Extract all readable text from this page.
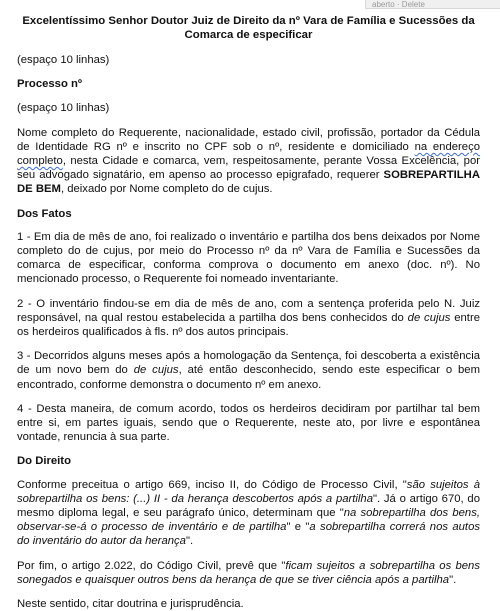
aberto · Delete
Excelentíssimo Senhor Doutor Juiz de Direito da nº Vara de Família e Sucessões da Comarca de especificar

(espaço 10 linhas)

Processo nº

(espaço 10 linhas)

Nome completo do Requerente, nacionalidade, estado civil, profissão, portador da Cédula de Identidade RG nº e inscrito no CPF sob o nº, residente e domiciliado na endereço completo, nesta Cidade e comarca, vem, respeitosamente, perante Vossa Excelência, por seu advogado signatário, em apenso ao processo epigrafado, requerer SOBREPARTILHA DE BEM, deixado por Nome completo do de cujus.

Dos Fatos

1 - Em dia de mês de ano, foi realizado o inventário e partilha dos bens deixados por Nome completo do de cujus, por meio do Processo nº da nº Vara de Família e Sucessões da comarca de especificar, conforma comprova o documento em anexo (doc. nº). No mencionado processo, o Requerente foi nomeado inventariante.

2 - O inventário findou-se em dia de mês de ano, com a sentença proferida pelo N. Juiz responsável, na qual restou estabelecida a partilha dos bens conhecidos do de cujus entre os herdeiros qualificados à fls. nº dos autos principais.

3 - Decorridos alguns meses após a homologação da Sentença, foi descoberta a existência de um novo bem do de cujus, até então desconhecido, sendo este especificar o bem encontrado, conforme demonstra o documento nº em anexo.

4 - Desta maneira, de comum acordo, todos os herdeiros decidiram por partilhar tal bem entre si, em partes iguais, sendo que o Requerente, neste ato, por livre e espontânea vontade, renuncia à sua parte.

Do Direito

Conforme preceitua o artigo 669, inciso II, do Código de Processo Civil, "são sujeitos à sobrepartilha os bens: (...) II - da herança descobertos após a partilha". Já o artigo 670, do mesmo diploma legal, e seu parágrafo único, determinam que "na sobrepartilha dos bens, observar-se-á o processo de inventário e de partilha" e "a sobrepartilha correrá nos autos do inventário do autor da herança".

Por fim, o artigo 2.022, do Código Civil, prevê que "ficam sujeitos a sobrepartilha os bens sonegados e quaisquer outros bens da herança de que se tiver ciência após a partilha".

Neste sentido, citar doutrina e jurisprudência.
